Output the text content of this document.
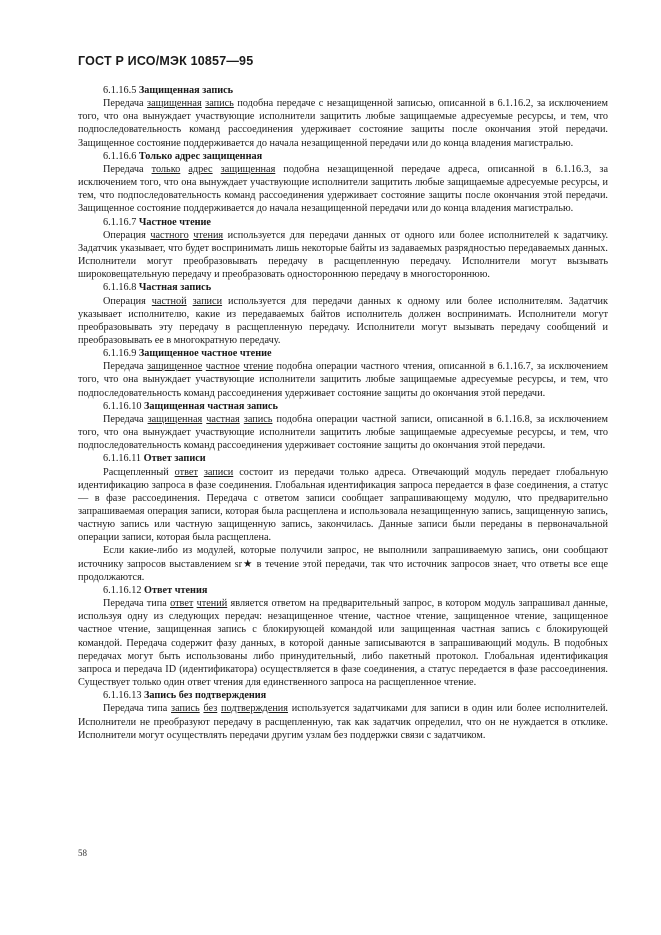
ГОСТ Р ИСО/МЭК 10857—95
6.1.16.5 Защищенная запись

Передача защищенная запись подобна передаче с незащищенной записью, описанной в 6.1.16.2, за исключением того, что она вынуждает участвующие исполнители защитить любые защищаемые адресуемые ресурсы, и тем, что подпоследовательность команд рассоединения удерживает состояние защиты после окончания этой передачи. Защищенное состояние поддерживается до начала незащищенной передачи или до конца владения магистралью.

6.1.16.6 Только адрес защищенная

Передача только адрес защищенная подобна незащищенной передаче адреса, описанной в 6.1.16.3, за исключением того, что она вынуждает участвующие исполнители защитить любые защищаемые адресуемые ресурсы, и тем, что подпоследовательность команд рассоединения удерживает состояние защиты после окончания этой передачи. Защищенное состояние поддерживается до начала незащищенной передачи или до конца владения магистралью.

6.1.16.7 Частное чтение

Операция частного чтения используется для передачи данных от одного или более исполнителей к задатчику. Задатчик указывает, что будет воспринимать лишь некоторые байты из задаваемых разрядностью передаваемых данных. Исполнители могут преобразовывать передачу в расщепленную передачу. Исполнители могут вызывать широковещательную передачу и преобразовать одностороннюю передачу в многостороннюю.

6.1.16.8 Частная запись

Операция частной записи используется для передачи данных к одному или более исполнителям. Задатчик указывает исполнителю, какие из передаваемых байтов исполнитель должен воспринимать. Исполнители могут преобразовывать эту передачу в расщепленную передачу. Исполнители могут вызывать передачу сообщений и преобразовывать ее в многократную передачу.

6.1.16.9 Защищенное частное чтение

Передача защищенное частное чтение подобна операции частного чтения, описанной в 6.1.16.7, за исключением того, что она вынуждает участвующие исполнители защитить любые защищаемые адресуемые ресурсы, и тем, что подпоследовательность команд рассоединения удерживает состояние защиты до окончания этой передачи.

6.1.16.10 Защищенная частная запись

Передача защищенная частная запись подобна операции частной записи, описанной в 6.1.16.8, за исключением того, что она вынуждает участвующие исполнители защитить любые защищаемые адресуемые ресурсы, и тем, что подпоследовательность команд рассоединения удерживает состояние защиты до окончания этой передачи.

6.1.16.11 Ответ записи

Расщепленный ответ записи состоит из передачи только адреса. Отвечающий модуль передает глобальную идентификацию запроса в фазе соединения. Глобальная идентификация запроса передается в фазе соединения, а статус — в фазе рассоединения. Передача с ответом записи сообщает запрашивающему модулю, что предварительно запрашиваемая операция записи, которая была расщеплена и использовала незащищенную запись, защищенную запись, частную запись или частную защищенную запись, закончилась. Данные записи были переданы в первоначальной операции записи, которая была расщеплена.

Если какие-либо из модулей, которые получили запрос, не выполнили запрашиваемую запись, они сообщают источнику запросов выставлением sr★ в течение этой передачи, так что источник запросов знает, что ответы все еще продолжаются.

6.1.16.12 Ответ чтения

Передача типа ответ чтений является ответом на предварительный запрос, в котором модуль запрашивал данные, используя одну из следующих передач: незащищенное чтение, частное чтение, защищенное чтение, защищенное частное чтение, защищенная запись с блокирующей командой или защищенная частная запись с блокирующей командой. Передача содержит фазу данных, в которой данные записываются в запрашивающий модуль. В подобных передачах могут быть использованы либо принудительный, либо пакетный протокол. Глобальная идентификация запроса и передача ID (идентификатора) осуществляется в фазе соединения, а статус передается в фазе рассоединения. Существует только один ответ чтения для единственного запроса на расщепленное чтение.

6.1.16.13 Запись без подтверждения

Передача типа запись без подтверждения используется задатчиками для записи в один или более исполнителей. Исполнители не преобразуют передачу в расщепленную, так как задатчик определил, что он не нуждается в отклике. Исполнители могут осуществлять передачи другим узлам без поддержки связи с задатчиком.

58
